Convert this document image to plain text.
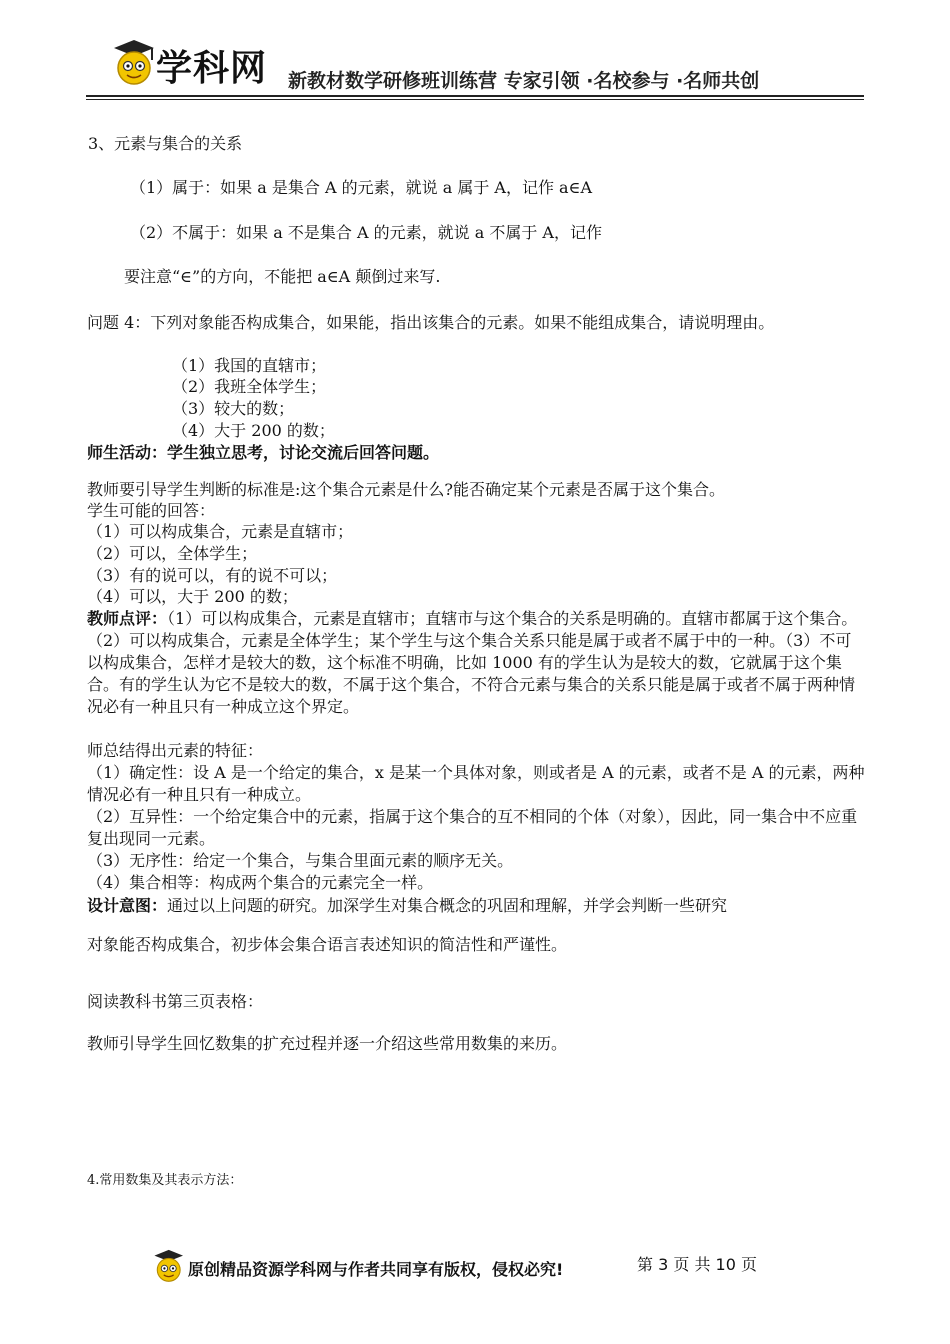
学科网 新教材数学研修班训练营 专家引领 ·名校参与 ·名师共创
3、元素与集合的关系
（1）属于：如果 a 是集合 A 的元素，就说 a 属于 A，记作 a∈A
（2）不属于：如果 a 不是集合 A 的元素，就说 a 不属于 A，记作
要注意“∈”的方向，不能把 a∈A 颠倒过来写.
问题 4：下列对象能否构成集合，如果能，指出该集合的元素。如果不能组成集合，请说明理由。
（1）我国的直辖市；
（2）我班全体学生；
（3）较大的数；
（4）大于 200 的数；
师生活动：学生独立思考，讨论交流后回答问题。
教师要引导学生判断的标准是:这个集合元素是什么?能否确定某个元素是否属于这个集合。
学生可能的回答：
（1）可以构成集合，元素是直辖市；
（2）可以，全体学生；
（3）有的说可以，有的说不可以；
（4）可以，大于 200 的数；
教师点评：（1）可以构成集合，元素是直辖市；直辖市与这个集合的关系是明确的。直辖市都属于这个集合。（2）可以构成集合，元素是全体学生；某个学生与这个集合关系只能是属于或者不属于中的一种。（3）不可以构成集合，怎样才是较大的数，这个标准不明确，比如 1000 有的学生认为是较大的数，它就属于这个集合。有的学生认为它不是较大的数，不属于这个集合，不符合元素与集合的关系只能是属于或者不属于两种情况必有一种且只有一种成立这个界定。
师总结得出元素的特征：
（1）确定性：设 A 是一个给定的集合，x 是某一个具体对象，则或者是 A 的元素，或者不是 A 的元素，两种情况必有一种且只有一种成立。
（2）互异性：一个给定集合中的元素，指属于这个集合的互不相同的个体（对象），因此，同一集合中不应重复出现同一元素。
（3）无序性：给定一个集合，与集合里面元素的顺序无关。
（4）集合相等：构成两个集合的元素完全一样。
设计意图：通过以上问题的研究。加深学生对集合概念的巩固和理解，并学会判断一些研究
对象能否构成集合，初步体会集合语言表述知识的简洁性和严谨性。
阅读教科书第三页表格：
教师引导学生回忆数集的扩充过程并逐一介绍这些常用数集的来历。
4.常用数集及其表示方法：
原创精品资源学科网与作者共同享有版权，侵权必究!	第 3 页 共 10 页
